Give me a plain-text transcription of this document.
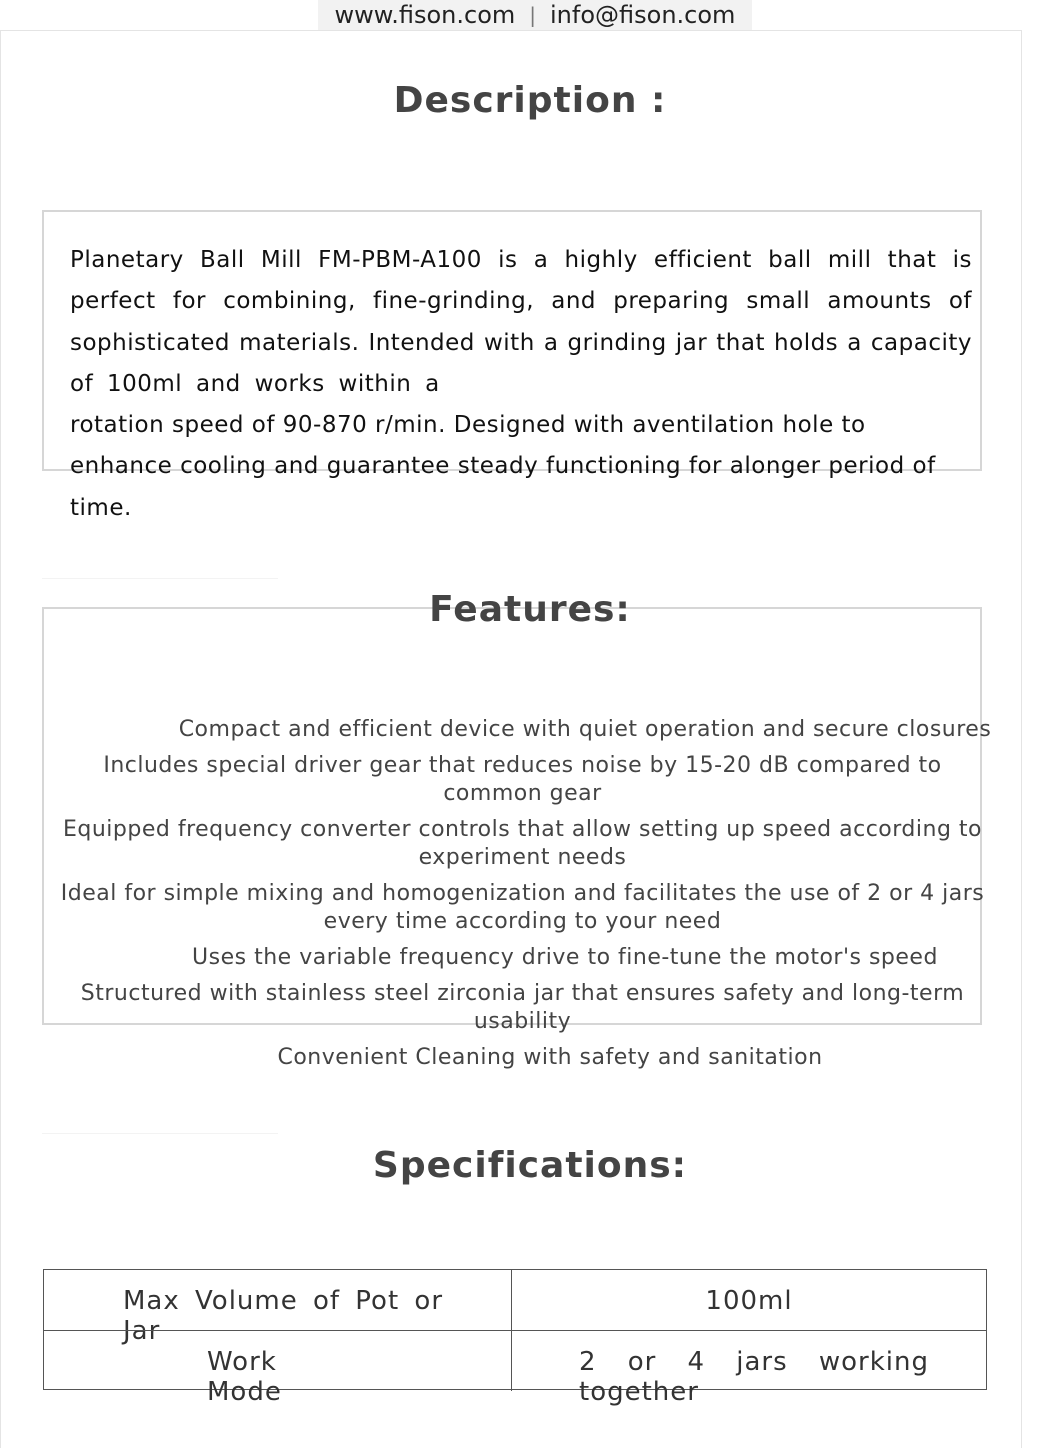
www.fison.com | info@fison.com
Description :
Planetary Ball Mill FM-PBM-A100 is a highly efficient ball mill that is
perfect for combining, fine-grinding, and preparing small amounts of
sophisticated materials. Intended with a grinding jar that holds a capacity
of 100ml and works within a
rotation speed of 90-870 r/min. Designed with aventilation hole to
enhance cooling and guarantee steady functioning for alonger period of
time.
Features:
Compact and efficient device with quiet operation and secure closures
Includes special driver gear that reduces noise by 15-20 dB compared to common gear
Equipped frequency converter controls that allow setting up speed according to experiment needs
Ideal for simple mixing and homogenization and facilitates the use of 2 or 4 jars every time according to your need
Uses the variable frequency drive to fine-tune the motor's speed
Structured with stainless steel zirconia jar that ensures safety and long-term usability
Convenient Cleaning with safety and sanitation
Specifications:
Max Volume of Pot or Jar
100ml
Work Mode
2 or 4 jars working together
